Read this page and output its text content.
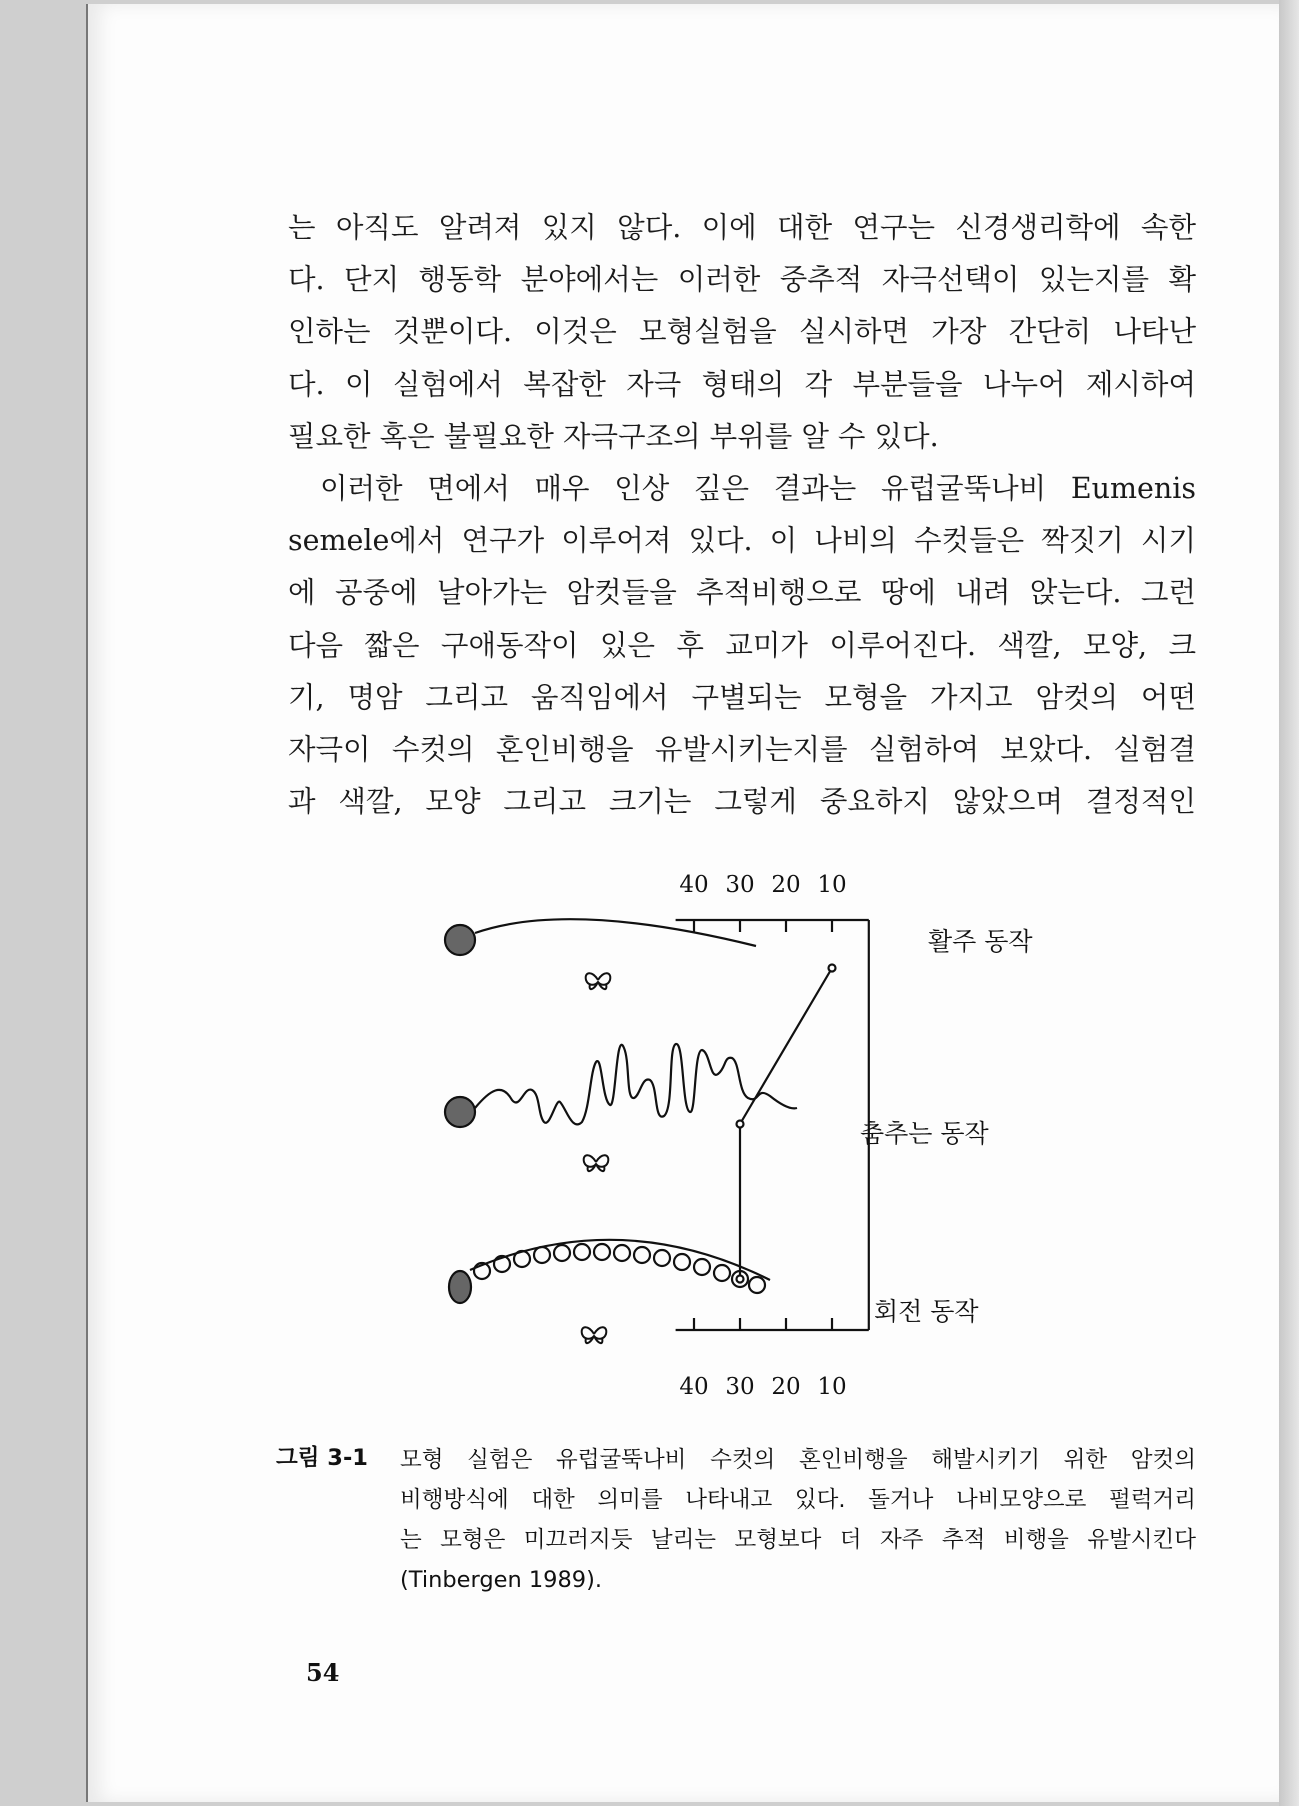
는 아직도 알려져 있지 않다. 이에 대한 연구는 신경생리학에 속한
다. 단지 행동학 분야에서는 이러한 중추적 자극선택이 있는지를 확
인하는 것뿐이다. 이것은 모형실험을 실시하면 가장 간단히 나타난
다. 이 실험에서 복잡한 자극 형태의 각 부분들을 나누어 제시하여
필요한 혹은 불필요한 자극구조의 부위를 알 수 있다.
이러한 면에서 매우 인상 깊은 결과는 유럽굴뚝나비 Eumenis
semele에서 연구가 이루어져 있다. 이 나비의 수컷들은 짝짓기 시기
에 공중에 날아가는 암컷들을 추적비행으로 땅에 내려 앉는다. 그런
다음 짧은 구애동작이 있은 후 교미가 이루어진다. 색깔, 모양, 크
기, 명암 그리고 움직임에서 구별되는 모형을 가지고 암컷의 어떤
자극이 수컷의 혼인비행을 유발시키는지를 실험하여 보았다. 실험결
과 색깔, 모양 그리고 크기는 그렇게 중요하지 않았으며 결정적인
40 30 20 10
40 30 20 10
활주 동작
춤추는 동작
회전 동작
그림 3-1 모형 실험은 유럽굴뚝나비 수컷의 혼인비행을 해발시키기 위한 암컷의
비행방식에 대한 의미를 나타내고 있다. 돌거나 나비모양으로 펄럭거리
는 모형은 미끄러지듯 날리는 모형보다 더 자주 추적 비행을 유발시킨다
(Tinbergen 1989).
54
